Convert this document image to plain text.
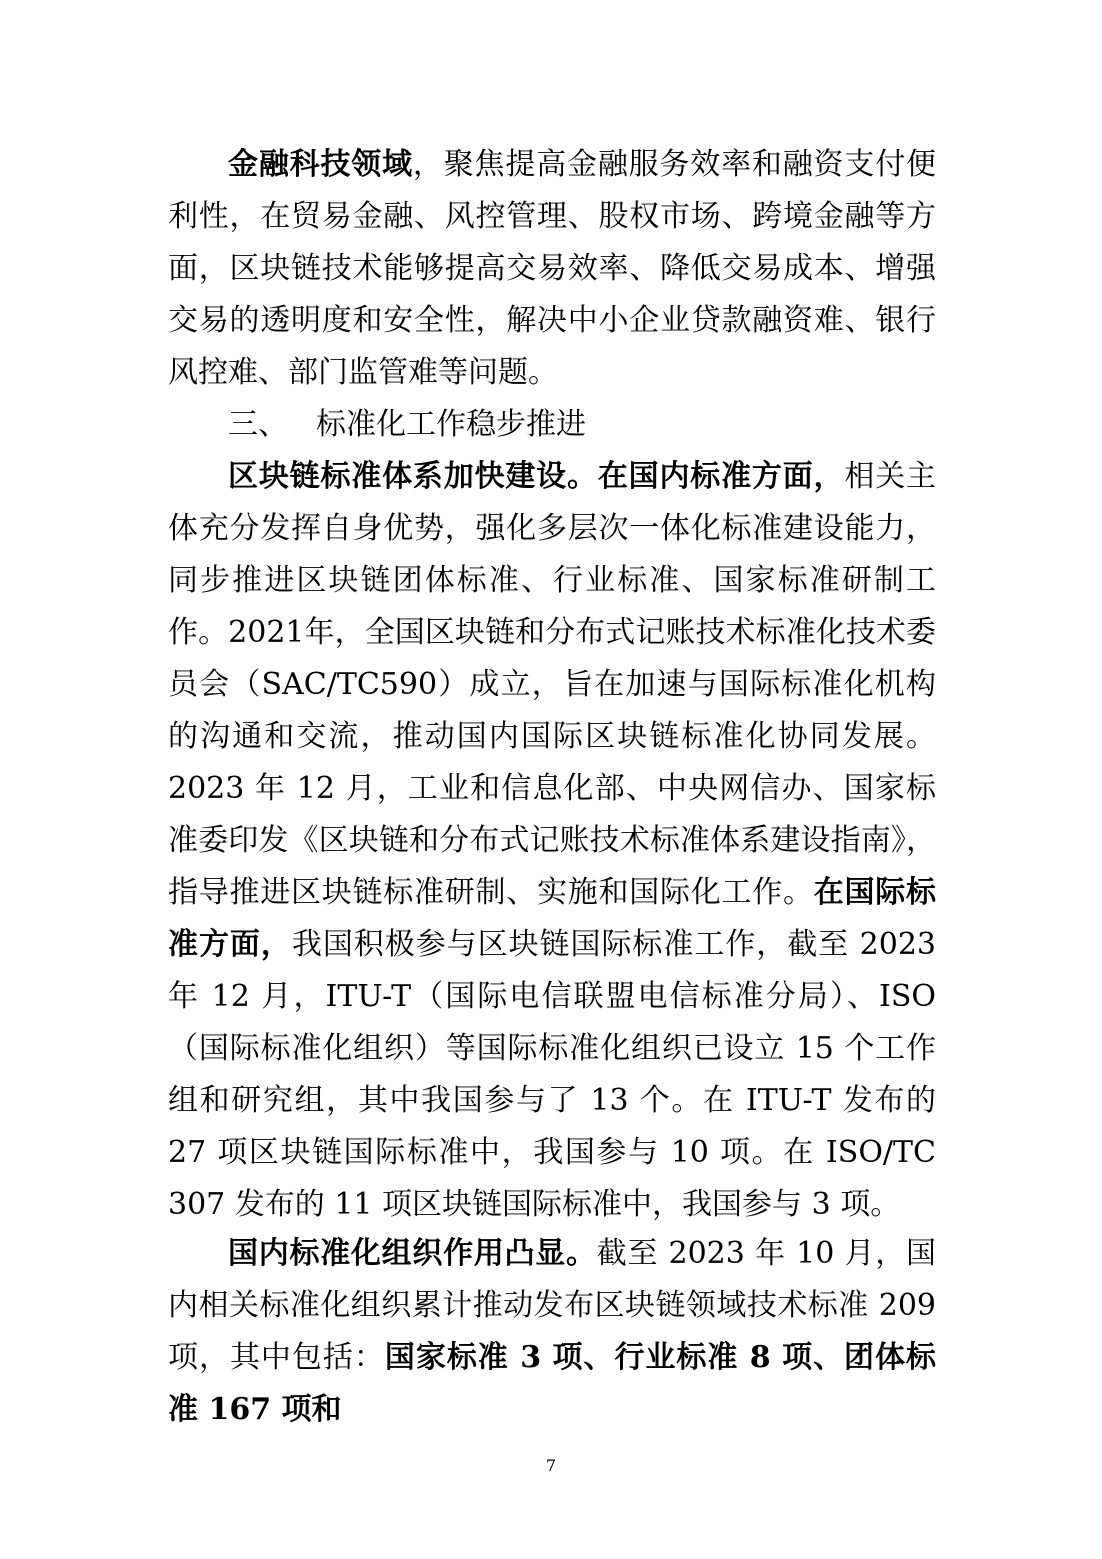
金融科技领域，聚焦提高金融服务效率和融资支付便利性，在贸易金融、风控管理、股权市场、跨境金融等方面，区块链技术能够提高交易效率、降低交易成本、增强交易的透明度和安全性，解决中小企业贷款融资难、银行风控难、部门监管难等问题。

三、 标准化工作稳步推进

区块链标准体系加快建设。在国内标准方面，相关主体充分发挥自身优势，强化多层次一体化标准建设能力，同步推进区块链团体标准、行业标准、国家标准研制工作。2021年，全国区块链和分布式记账技术标准化技术委员会（SAC/TC590）成立，旨在加速与国际标准化机构的沟通和交流，推动国内国际区块链标准化协同发展。2023 年 12 月，工业和信息化部、中央网信办、国家标准委印发《区块链和分布式记账技术标准体系建设指南》，指导推进区块链标准研制、实施和国际化工作。在国际标准方面，我国积极参与区块链国际标准工作，截至 2023 年 12 月，ITU-T（国际电信联盟电信标准分局）、ISO（国际标准化组织）等国际标准化组织已设立 15 个工作组和研究组，其中我国参与了 13 个。在 ITU-T 发布的 27 项区块链国际标准中，我国参与 10 项。在 ISO/TC 307 发布的 11 项区块链国际标准中，我国参与 3 项。

国内标准化组织作用凸显。截至 2023 年 10 月，国内相关标准化组织累计推动发布区块链领域技术标准 209 项，其中包括：国家标准 3 项、行业标准 8 项、团体标准 167 项和

7
